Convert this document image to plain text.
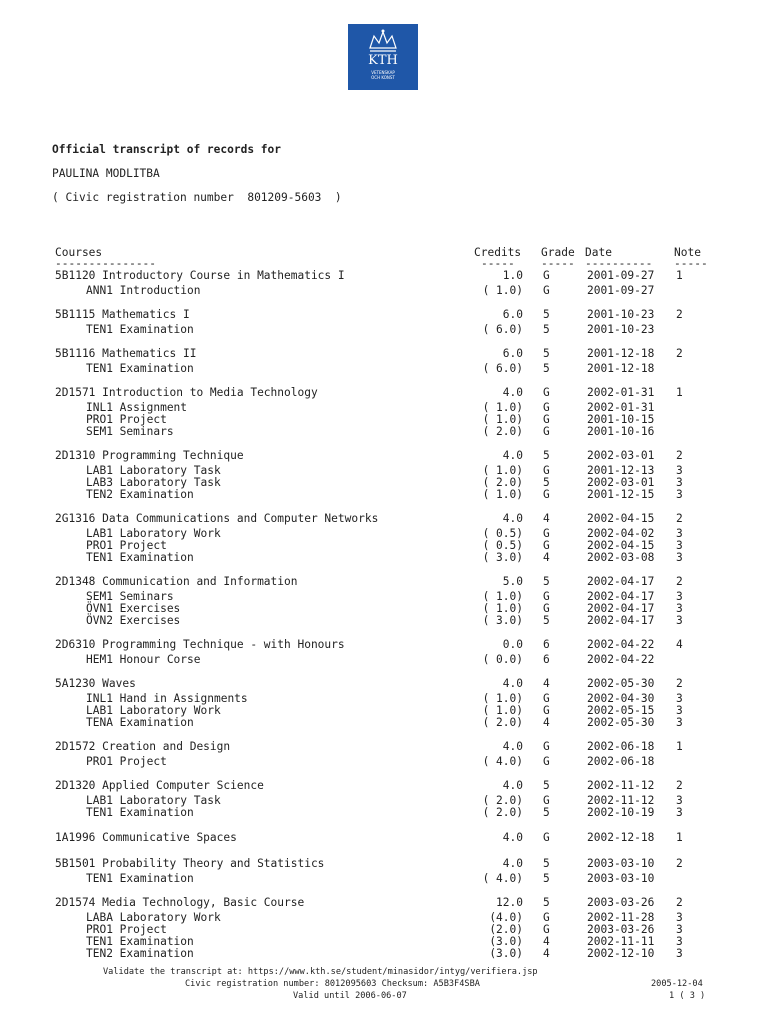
KTH
VETENSKAP
OCH KONST
Official transcript of records for
PAULINA MODLITBA
( Civic registration number  801209-5603  )
Courses	Credits Grade Date	Note
---------------	----- ----- ---------- -----
5B1120 Introductory Course in Mathematics I	1.0 G	2001-09-27 1
ANN1 Introduction	( 1.0) G	2001-09-27
5B1115 Mathematics I	6.0 5	2001-10-23 2
TEN1 Examination	( 6.0) 5	2001-10-23
5B1116 Mathematics II	6.0 5	2001-12-18 2
TEN1 Examination	( 6.0) 5	2001-12-18
2D1571 Introduction to Media Technology	4.0 G	2002-01-31 1
INL1 Assignment	( 1.0) G	2002-01-31
PRO1 Project	( 1.0) G	2001-10-15
SEM1 Seminars	( 2.0) G	2001-10-16
2D1310 Programming Technique	4.0 5	2002-03-01 2
LAB1 Laboratory Task	( 1.0) G	2001-12-13 3
LAB3 Laboratory Task	( 2.0) 5	2002-03-01 3
TEN2 Examination	( 1.0) G	2001-12-15 3
2G1316 Data Communications and Computer Networks	4.0 4	2002-04-15 2
LAB1 Laboratory Work	( 0.5) G	2002-04-02 3
PRO1 Project	( 0.5) G	2002-04-15 3
TEN1 Examination	( 3.0) 4	2002-03-08 3
2D1348 Communication and Information	5.0 5	2002-04-17 2
SEM1 Seminars	( 1.0) G	2002-04-17 3
ÖVN1 Exercises	( 1.0) G	2002-04-17 3
ÖVN2 Exercises	( 3.0) 5	2002-04-17 3
2D6310 Programming Technique - with Honours	0.0 6	2002-04-22 4
HEM1 Honour Corse	( 0.0) 6	2002-04-22
5A1230 Waves	4.0 4	2002-05-30 2
INL1 Hand in Assignments	( 1.0) G	2002-04-30 3
LAB1 Laboratory Work	( 1.0) G	2002-05-15 3
TENA Examination	( 2.0) 4	2002-05-30 3
2D1572 Creation and Design	4.0 G	2002-06-18 1
PRO1 Project	( 4.0) G	2002-06-18
2D1320 Applied Computer Science	4.0 5	2002-11-12 2
LAB1 Laboratory Task	( 2.0) G	2002-11-12 3
TEN1 Examination	( 2.0) 5	2002-10-19 3
1A1996 Communicative Spaces	4.0 G	2002-12-18 1
5B1501 Probability Theory and Statistics	4.0 5	2003-03-10 2
TEN1 Examination	( 4.0) 5	2003-03-10
2D1574 Media Technology, Basic Course	12.0 5	2003-03-26 2
LABA Laboratory Work	(4.0) G	2002-11-28 3
PRO1 Project	(2.0) G	2003-03-26 3
TEN1 Examination	(3.0) 4	2002-11-11 3
TEN2 Examination	(3.0) 4	2002-12-10 3
Validate the transcript at: https://www.kth.se/student/minasidor/intyg/verifiera.jsp
Civic registration number: 8012095603 Checksum: A5B3F4SBA
Valid until 2006-06-07
2005-12-04
1 ( 3 )
